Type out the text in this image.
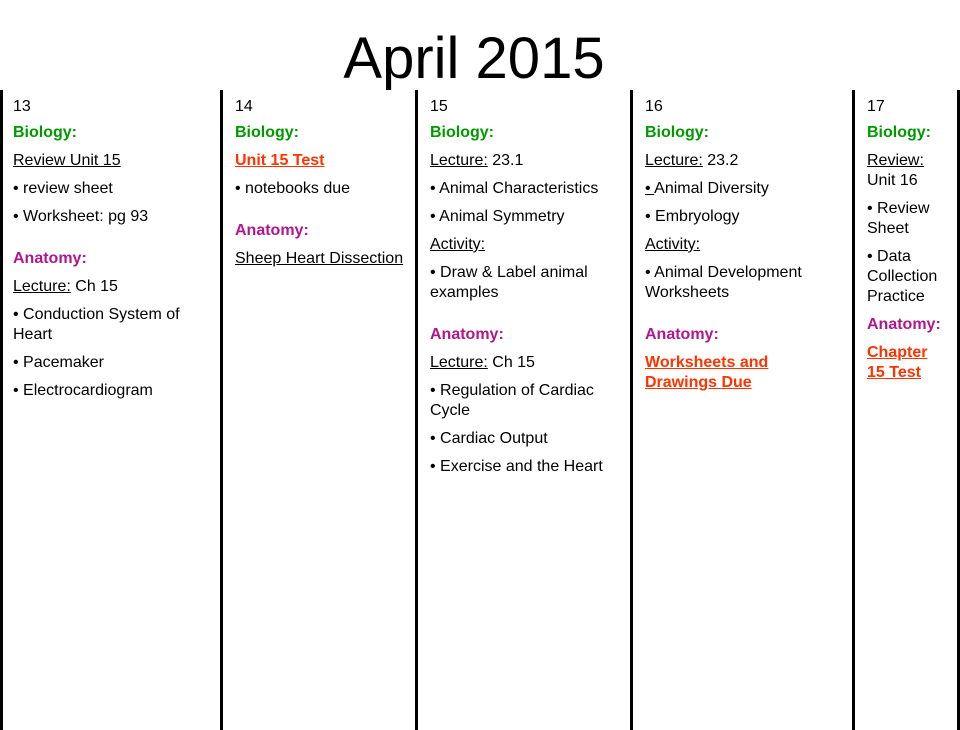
April 2015
13
Biology:
Review Unit 15
• review sheet
• Worksheet: pg 93
Anatomy:
Lecture: Ch 15
• Conduction System of Heart
• Pacemaker
• Electrocardiogram
14
Biology:
Unit 15 Test
• notebooks due
Anatomy:
Sheep Heart Dissection
15
Biology:
Lecture: 23.1
• Animal Characteristics
• Animal Symmetry
Activity:
• Draw & Label animal examples
Anatomy:
Lecture: Ch 15
• Regulation of Cardiac Cycle
• Cardiac Output
• Exercise and the Heart
16
Biology:
Lecture: 23.2
• Animal Diversity
• Embryology
Activity:
• Animal Development Worksheets
Anatomy:
Worksheets and Drawings Due
17
Biology:
Review: Unit 16
• Review Sheet
• Data Collection Practice
Anatomy:
Chapter 15 Test
